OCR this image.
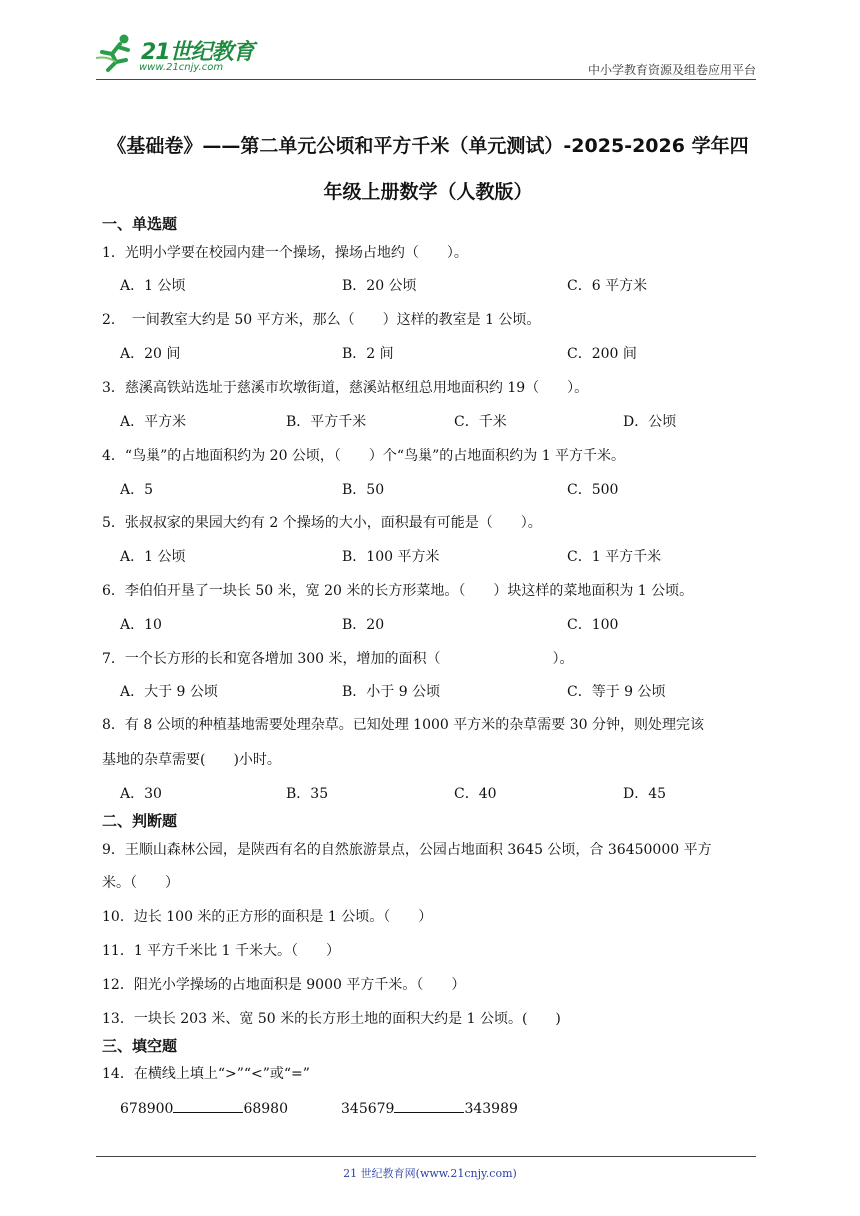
21世纪教育
www.21cnjy.com	中小学教育资源及组卷应用平台
《基础卷》——第二单元公顷和平方千米（单元测试）-2025-2026 学年四
年级上册数学（人教版）
一、单选题
1．光明小学要在校园内建一个操场，操场占地约（　　）。
A．1 公顷	B．20 公顷	C．6 平方米
2．　一间教室大约是 50 平方米，那么（　　）这样的教室是 1 公顷。
A．20 间	B．2 间	C．200 间
3．慈溪高铁站选址于慈溪市坎墩街道，慈溪站枢纽总用地面积约 19（　　）。
A．平方米	B．平方千米	C．千米	D．公顷
4．“鸟巢”的占地面积约为 20 公顷，（　　）个“鸟巢”的占地面积约为 1 平方千米。
A．5	B．50	C．500
5．张叔叔家的果园大约有 2 个操场的大小，面积最有可能是（　　）。
A．1 公顷	B．100 平方米	C．1 平方千米
6．李伯伯开垦了一块长 50 米，宽 20 米的长方形菜地。（　　）块这样的菜地面积为 1 公顷。
A．10	B．20	C．100
7．一个长方形的长和宽各增加 300 米，增加的面积（　　　　　　　　）。
A．大于 9 公顷	B．小于 9 公顷	C．等于 9 公顷
8．有 8 公顷的种植基地需要处理杂草。已知处理 1000 平方米的杂草需要 30 分钟，则处理完该
基地的杂草需要(　　)小时。
A．30	B．35	C．40	D．45
二、判断题
9．王顺山森林公园，是陕西有名的自然旅游景点，公园占地面积 3645 公顷，合 36450000 平方
米。（　　）
10．边长 100 米的正方形的面积是 1 公顷。（　　）
11．1 平方千米比 1 千米大。（　　）
12．阳光小学操场的占地面积是 9000 平方千米。（　　）
13．一块长 203 米、宽 50 米的长方形土地的面积大约是 1 公顷。(　　)
三、填空题
14．在横线上填上“>”“<”或“=”
678900	68980	345679	343989
21 世纪教育网(www.21cnjy.com)
